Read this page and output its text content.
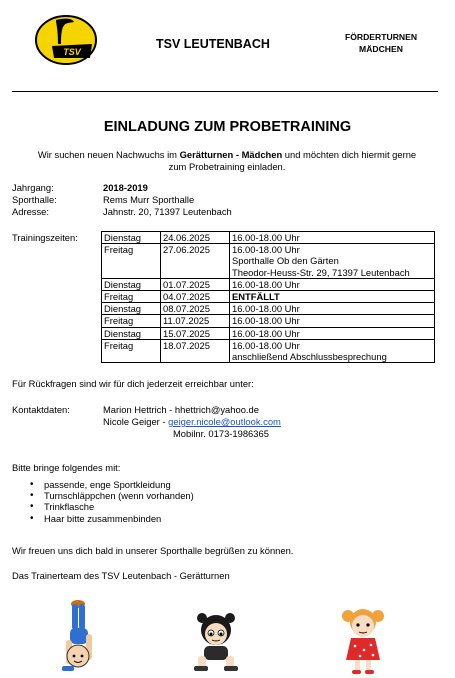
TSV
TSV LEUTENBACH	FÖRDERTURNEN
MÄDCHEN
EINLADUNG ZUM PROBETRAINING
Wir suchen neuen Nachwuchs im Gerätturnen - Mädchen und möchten dich hiermit gerne
zum Probetraining einladen.
Jahrgang:	2018-2019
Sporthalle:	Rems Murr Sporthalle
Adresse:	Jahnstr. 20, 71397 Leutenbach
Trainingszeiten:	Dienstag	24.06.2025	16.00-18.00 Uhr

Freitag	27.06.2025	16.00-18.00 Uhr
Sporthalle Ob den Gärten
Theodor-Heuss-Str. 29, 71397 Leutenbach

Dienstag	01.07.2025	16.00-18.00 Uhr

Freitag	04.07.2025	ENTFÄLLT

Dienstag	08.07.2025	16.00-18.00 Uhr

Freitag	11.07.2025	16.00-18.00 Uhr

Dienstag	15.07.2025	16.00-18.00 Uhr

Freitag	18.07.2025	16.00-18.00 Uhr
anschließend Abschlussbesprechung
Für Rückfragen sind wir für dich jederzeit erreichbar unter:
Kontaktdaten:	Marion Hettrich - hhettrich@yahoo.de
Nicole Geiger - geiger.nicole@outlook.com
Mobilnr. 0173-1986365
Bitte bringe folgendes mit:
• passende, enge Sportkleidung
• Turnschläppchen (wenn vorhanden)
• Trinkflasche
• Haar bitte zusammenbinden
Wir freuen uns dich bald in unserer Sporthalle begrüßen zu können.
Das Trainerteam des TSV Leutenbach - Gerätturnen
